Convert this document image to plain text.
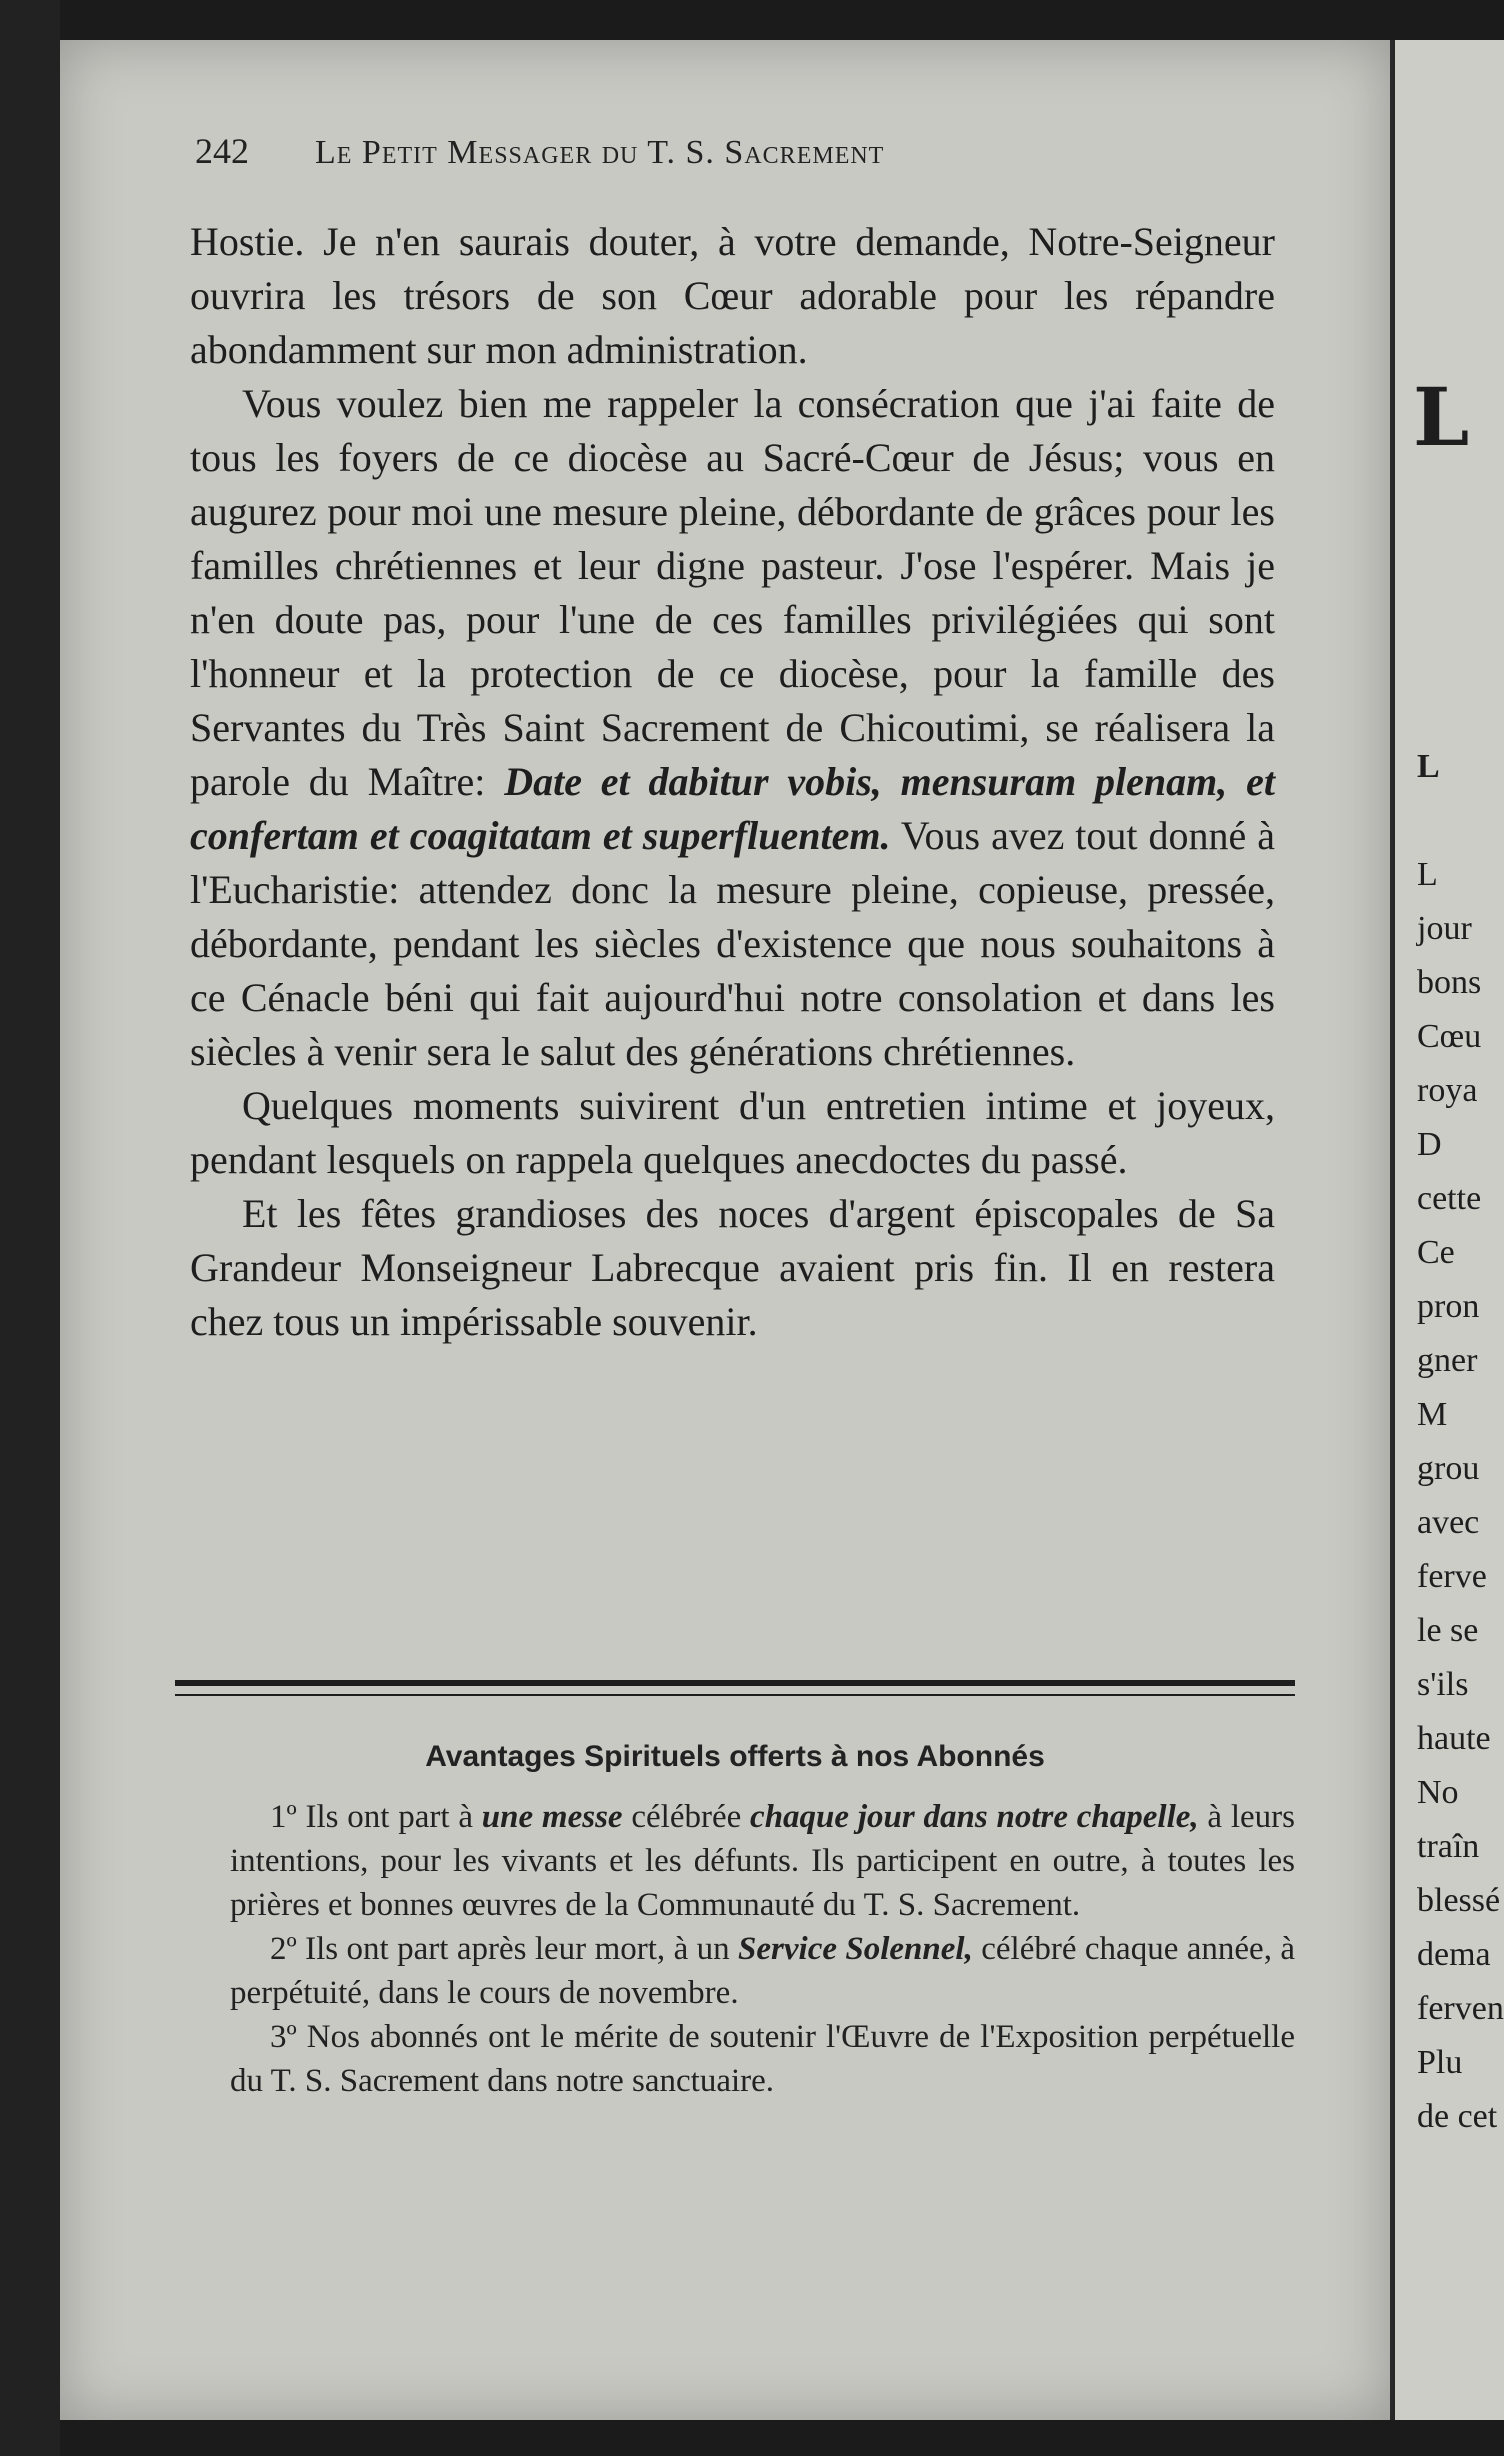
242	Le Petit Messager du T. S. Sacrement

Hostie. Je n'en saurais douter, à votre demande, Notre-Seigneur ouvrira les trésors de son Cœur adorable pour les répandre abondamment sur mon administration.

Vous voulez bien me rappeler la consécration que j'ai faite de tous les foyers de ce diocèse au Sacré-Cœur de Jésus; vous en augurez pour moi une mesure pleine, débordante de grâces pour les familles chrétiennes et leur digne pasteur. J'ose l'espérer. Mais je n'en doute pas, pour l'une de ces familles privilégiées qui sont l'honneur et la protection de ce diocèse, pour la famille des Servantes du Très Saint Sacrement de Chicoutimi, se réalisera la parole du Maître: Date et dabitur vobis, mensuram plenam, et confertam et coagitatam et superfluentem. Vous avez tout donné à l'Eucharistie: attendez donc la mesure pleine, copieuse, pressée, débordante, pendant les siècles d'existence que nous souhaitons à ce Cénacle béni qui fait aujourd'hui notre consolation et dans les siècles à venir sera le salut des générations chrétiennes.

Quelques moments suivirent d'un entretien intime et joyeux, pendant lesquels on rappela quelques anecdoctes du passé.

Et les fêtes grandioses des noces d'argent épiscopales de Sa Grandeur Monseigneur Labrecque avaient pris fin. Il en restera chez tous un impérissable souvenir.

Avantages Spirituels offerts à nos Abonnés

1º Ils ont part à une messe célébrée chaque jour dans notre chapelle, à leurs intentions, pour les vivants et les défunts. Ils participent en outre, à toutes les prières et bonnes œuvres de la Communauté du T. S. Sacrement.

2º Ils ont part après leur mort, à un Service Solennel, célébré chaque année, à perpétuité, dans le cours de novembre.

3º Nos abonnés ont le mérite de soutenir l'Œuvre de l'Exposition perpétuelle du T. S. Sacrement dans notre sanctuaire.

L
L

L
jour
bons
Cœu
roya
D
cette
Ce
pron
gner
M
grou
avec
ferve
le se
s'ils
haute
No
traîn
blessé
dema
ferven
Plu
de cet
